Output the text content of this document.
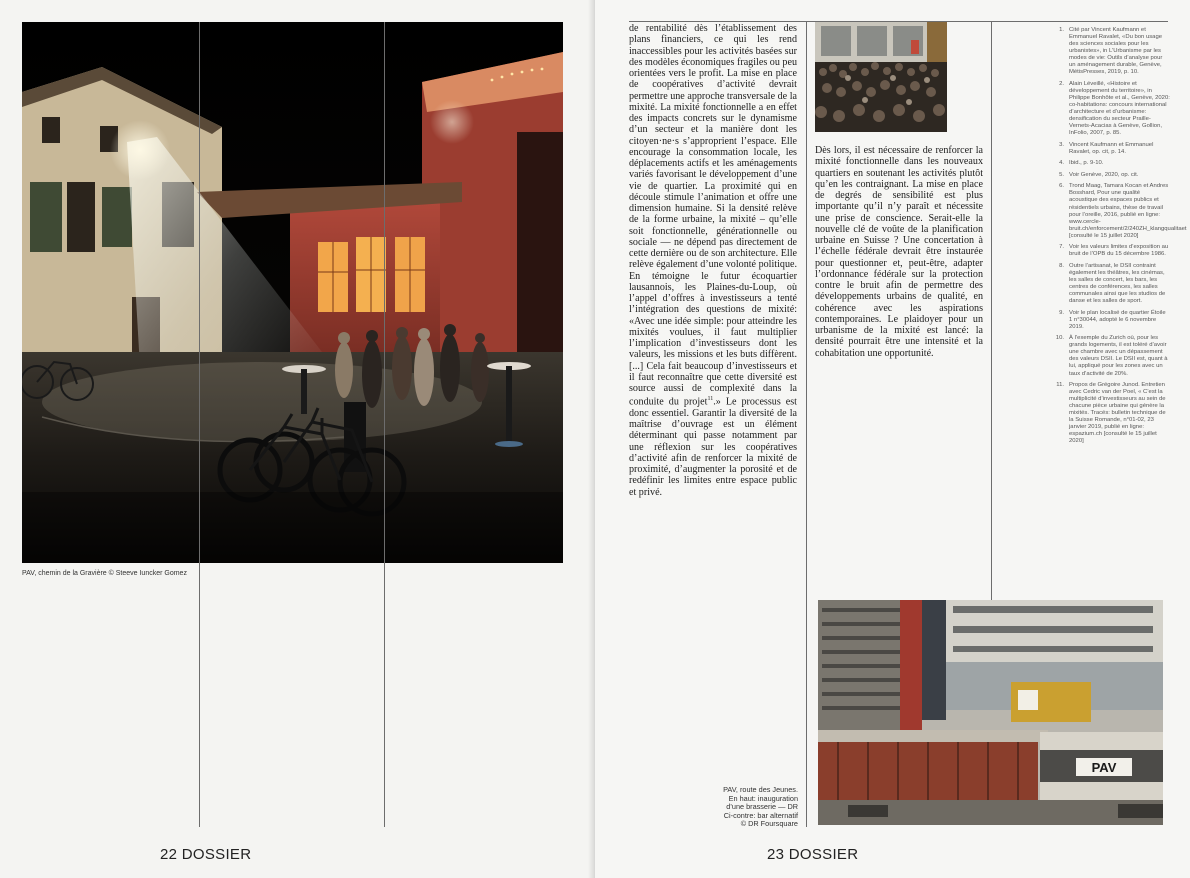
PAV, chemin de la Gravière © Steeve Iuncker Gomez
22 DOSSIER

de rentabilité dès l’établissement des plans financiers, ce qui les rend inaccessibles pour les activités basées sur des modèles économiques fragiles ou peu orientées vers le profit. La mise en place de coopératives d’activité devrait permettre une approche transversale de la mixité. La mixité fonctionnelle a en effet des impacts concrets sur le dynamisme d’un secteur et la manière dont les citoyen·ne·s s’approprient l’espace. Elle encourage la consommation locale, les déplacements actifs et les aménagements variés favorisant le développement d’une vie de quartier. La proximité qui en découle stimule l’animation et offre une dimension humaine. Si la densité relève de la forme urbaine, la mixité – qu’elle soit fonctionnelle, générationnelle ou sociale — ne dépend pas directement de cette dernière ou de son architecture. Elle relève également d’une volonté politique. En témoigne le futur écoquartier lausannois, les Plaines-du-Loup, où l’appel d’offres à investisseurs a tenté l’intégration des questions de mixité: «Avec une idée simple: pour atteindre les mixités voulues, il faut multiplier l’implication d’investisseurs dont les valeurs, les missions et les buts diffèrent. [...] Cela fait beaucoup d’investisseurs et il faut reconnaître que cette diversité est source aussi de complexité dans la conduite du projet$^{11}$.» Le processus est donc essentiel. Garantir la diversité de la maîtrise d’ouvrage est un élément déterminant qui passe notamment par une réflexion sur les coopératives d’activité afin de renforcer la mixité de proximité, d’augmenter la porosité et de redéfinir les limites entre espace public et privé.

Dès lors, il est nécessaire de renforcer la mixité fonctionnelle dans les nouveaux quartiers en soutenant les activités plutôt qu’en les contraignant. La mise en place de degrés de sensibilité est plus importante qu’il n’y paraît et nécessite une prise de conscience. Serait-elle la nouvelle clé de voûte de la planification urbaine en Suisse ? Une concertation à l’échelle fédérale devrait être instaurée pour questionner et, peut-être, adapter l’ordonnance fédérale sur la protection contre le bruit afin de permettre des développements urbains de qualité, en cohérence avec les aspirations contemporaines. Le plaidoyer pour un urbanisme de la mixité est lancé: la densité pourrait être une intensité et la cohabitation une opportunité.

1. Cité par Vincent Kaufmann et Emmanuel Ravalet, «Du bon usage des sciences sociales pour les urbanistes», in L’Urbanisme par les modes de vie: Outils d’analyse pour un aménagement durable, Genève, MétisPresses, 2019, p. 10.
2. Alain Léveillé, «Histoire et développement du territoire», in Philippe Bonhôte et al., Genève, 2020: co-habitations: concours international d’architecture et d’urbanisme: densification du secteur Praille-Vernets-Acacias à Genève, Gollion, InFolio, 2007, p. 85.
3. Vincent Kaufmann et Emmanuel Ravalet, op. cit, p. 14.
4. Ibid., p. 9-10.
5. Voir Genève, 2020, op. cit.
6. Trond Maag, Tamara Kocan et Andres Bosshard, Pour une qualité acoustique des espaces publics et résidentiels urbains, thèse de travail pour l’oreille, 2016, publié en ligne: www.cercle-bruit.ch/enforcement/2/240ZH_klangqualitaet [consulté le 15 juillet 2020]
7. Voir les valeurs limites d’exposition au bruit de l’OPB du 15 décembre 1986.
8. Outre l’artisanat, le DSII contraint également les théâtres, les cinémas, les salles de concert, les bars, les centres de conférences, les salles communales ainsi que les studios de danse et les salles de sport.
9. Voir le plan localisé de quartier Étoile 1 n°30044, adopté le 6 novembre 2019.
10. À l’exemple du Zurich où, pour les grands logements, il est toléré d’avoir une chambre avec un dépassement des valeurs DSII. Le DSII est, quant à lui, appliqué pour les zones avec un taux d’activité de 20%.
11. Propos de Grégoire Junod. Entretien avec Cedric van der Poel, « C’est la multiplicité d’investisseurs au sein de chacune pièce urbaine qui génère la mixités. Tracés: bulletin technique de la Suisse Romande, n°01-02, 23 janvier 2019, publié en ligne: espazium.ch [consulté le 15 juillet 2020]
PAV, route des Jeunes.
En haut: inauguration
d’une brasserie — DR
Ci-contre: bar alternatif
© DR Foursquare
PAV
23 DOSSIER
